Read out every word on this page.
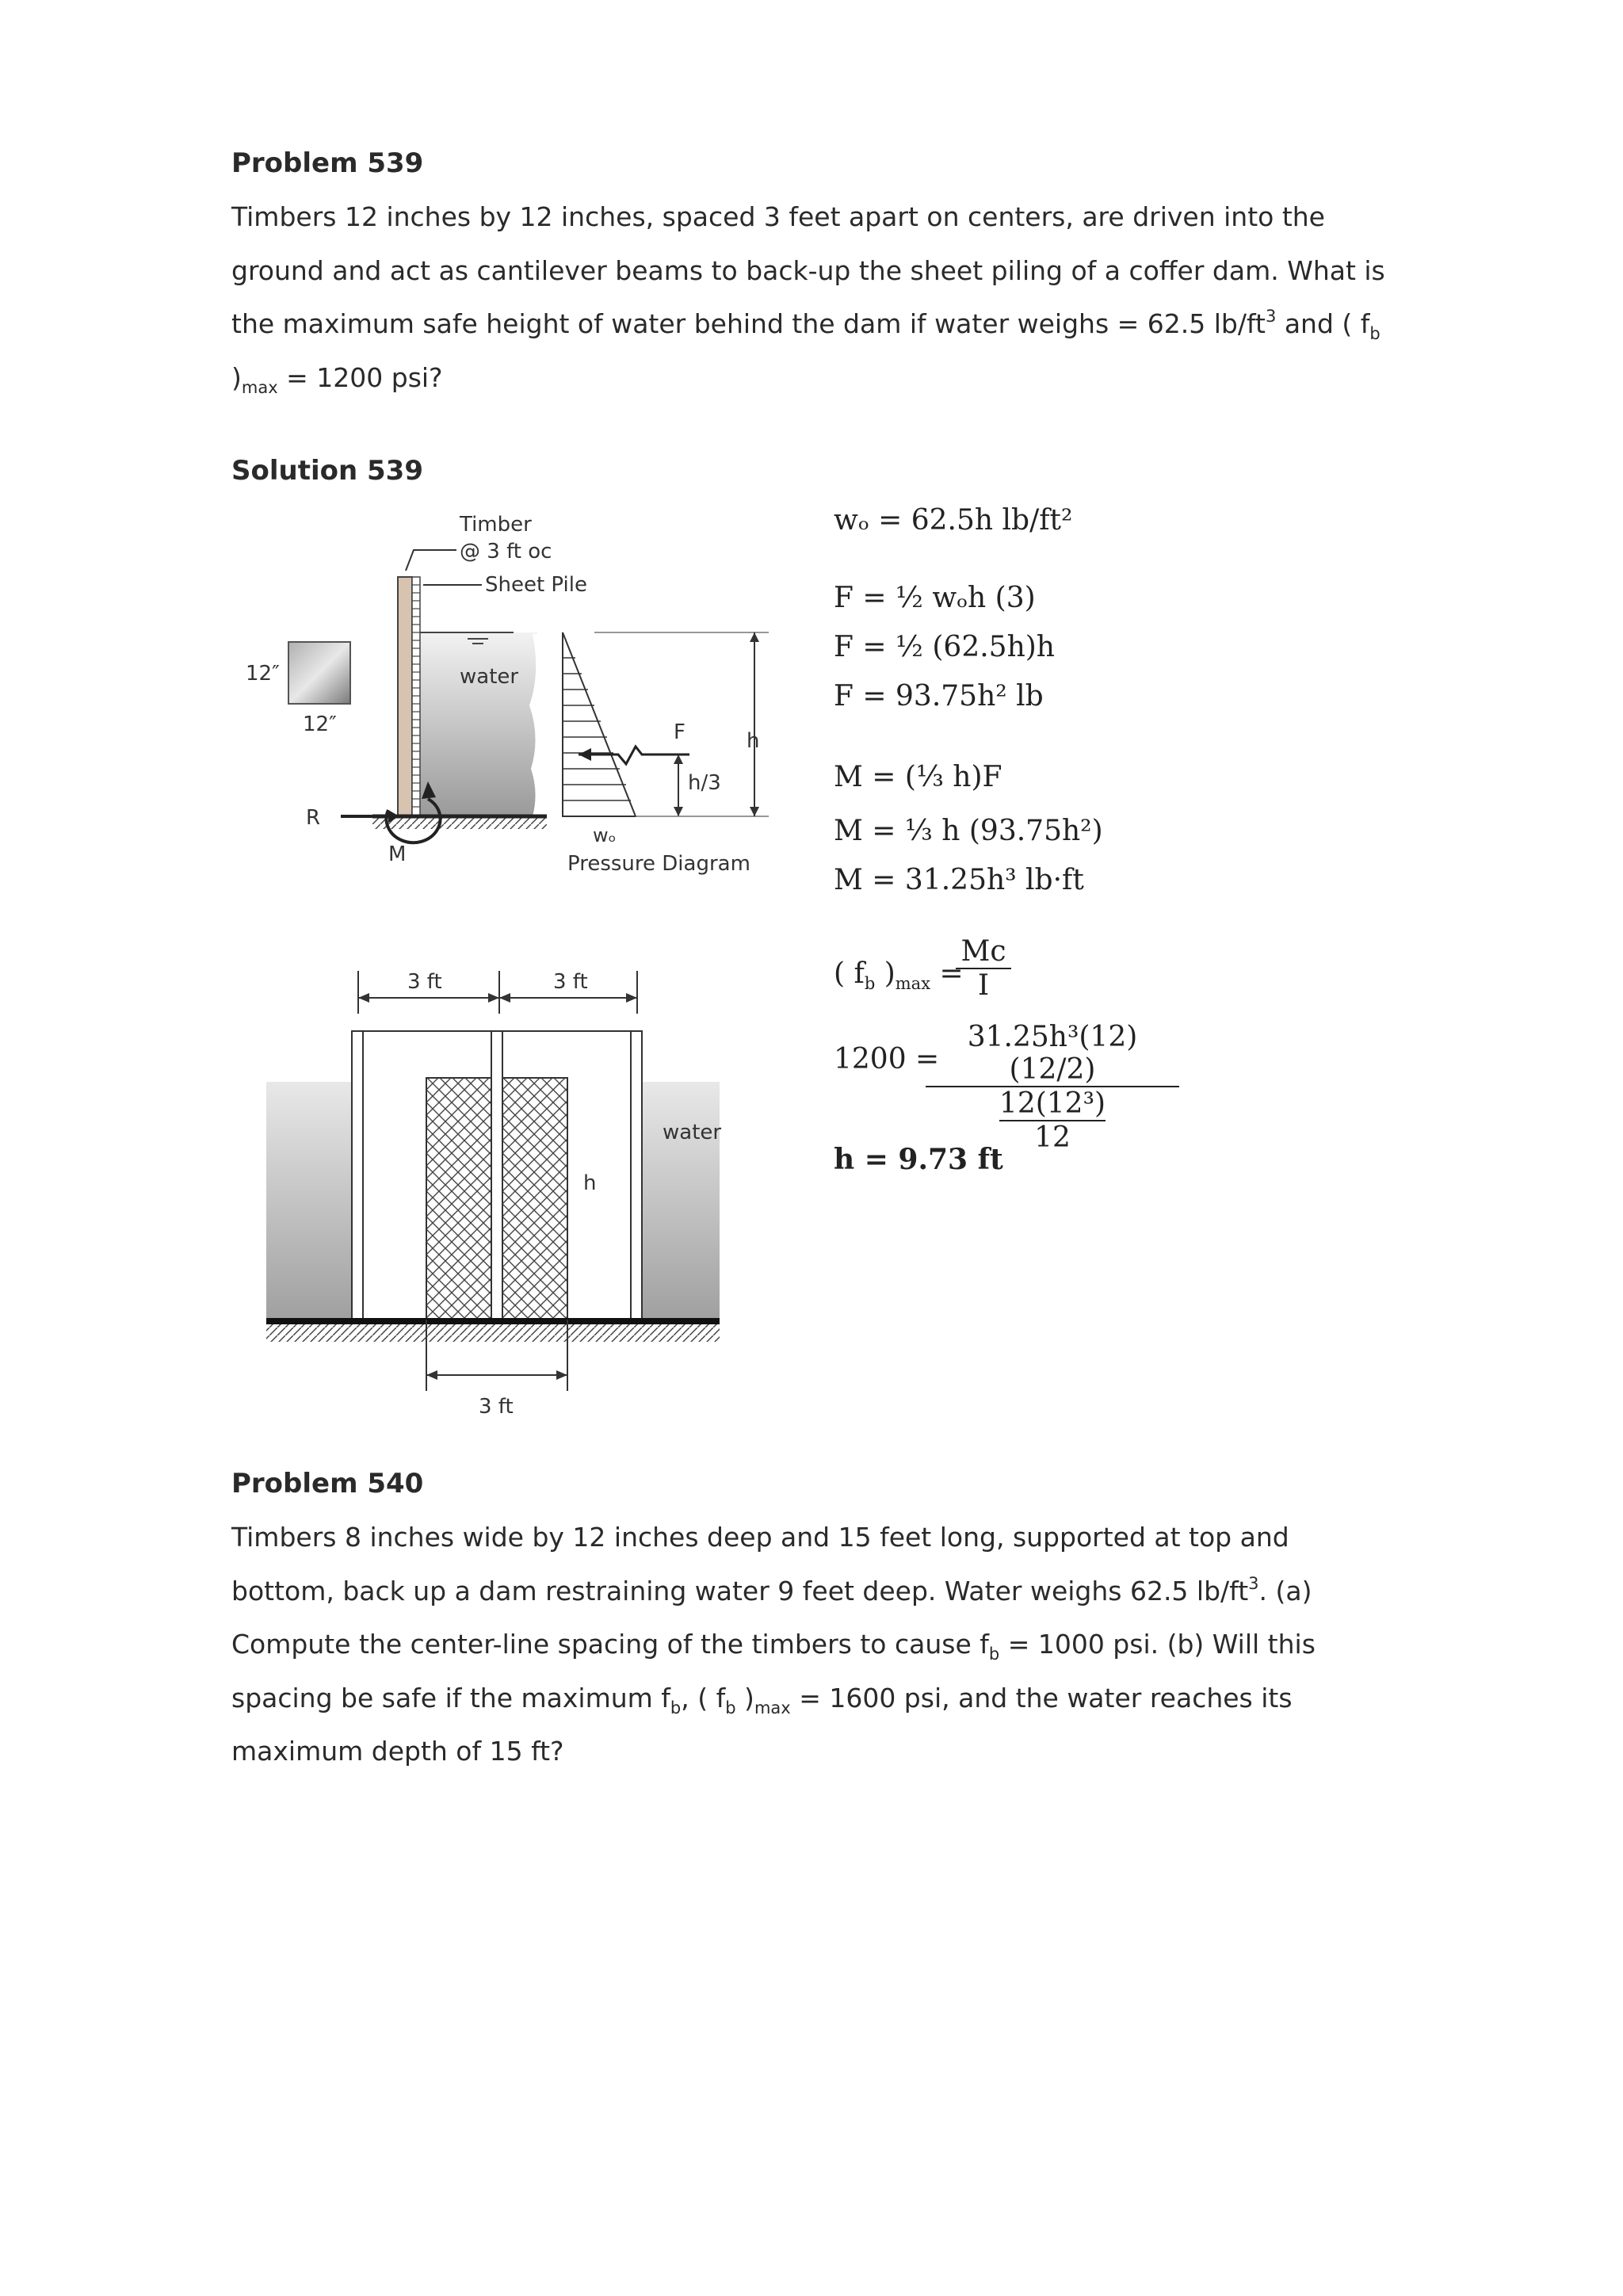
Problem 539
Timbers 12 inches by 12 inches, spaced 3 feet apart on centers, are driven into the
ground and act as cantilever beams to back-up the sheet piling of a coffer dam. What is
the maximum safe height of water behind the dam if water weighs = 62.5 $lb/ft^3$ and ( $f_b$
)$_{max} = 1200$ psi?
Solution 539
12″
12″
water
Timber
@ 3 ft oc
Sheet Pile
F
h/3
h
R
M
wₒ
Pressure Diagram
3 ft	3 ft
water
h
3 ft
wₒ = 62.5h lb/ft²
F = ½ wₒh (3)
F = ½ (62.5h)h
F = 93.75h² lb
M = (⅓ h)F
M = ⅓ h (93.75h²)
M = 31.25h³ lb·ft
( $f_b$ )$_{max}$ =
$\frac{Mc}{I}$
1200 =
$\frac{\text{31.25h³(12)(12/2)}}{\frac{\text{12(12³)}}{12}}$
h = 9.73 ft
Problem 540
Timbers 8 inches wide by 12 inches deep and 15 feet long, supported at top and
bottom, back up a dam restraining water 9 feet deep. Water weighs 62.5 $lb/ft^3$. (a)
Compute the center-line spacing of the timbers to cause $f_b = 1000$ psi. (b) Will this
spacing be safe if the maximum $f_b$, ( $f_b$ )$_{max} = 1600$ psi, and the water reaches its
maximum depth of 15 ft?
